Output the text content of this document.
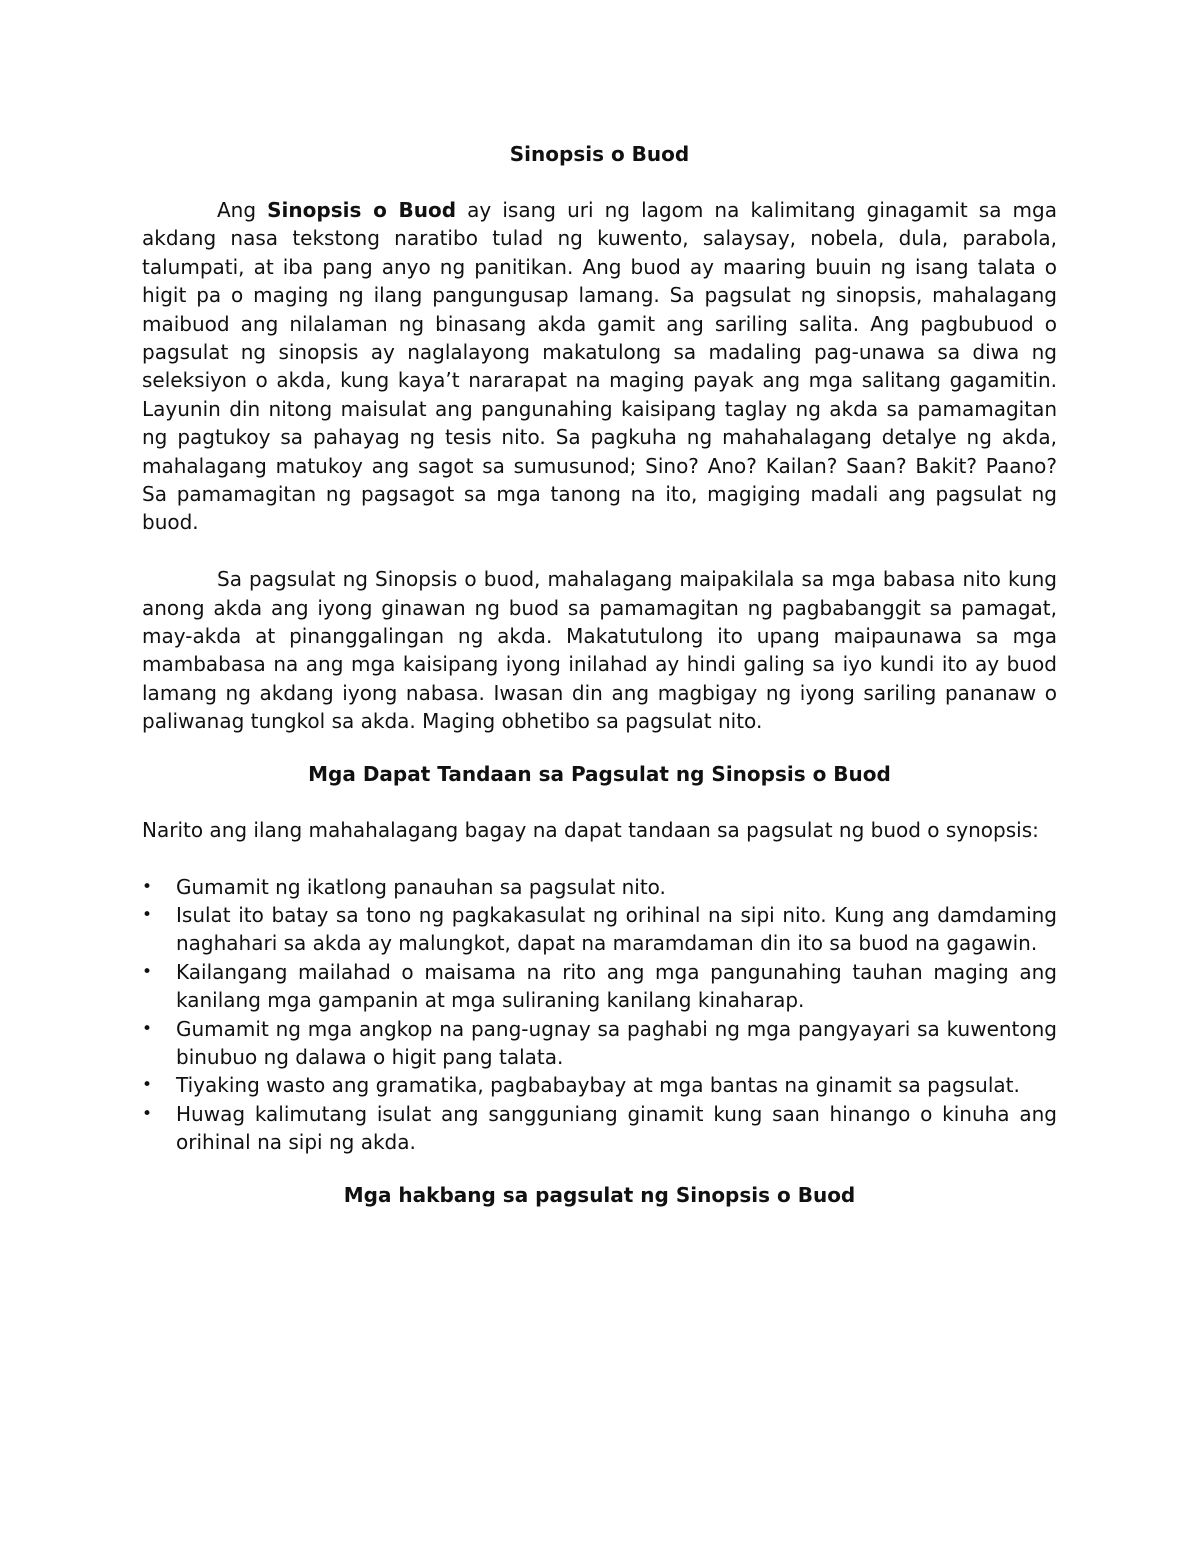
Sinopsis o Buod

Ang Sinopsis o Buod ay isang uri ng lagom na kalimitang ginagamit sa mga akdang nasa tekstong naratibo tulad ng kuwento, salaysay, nobela, dula, parabola, talumpati, at iba pang anyo ng panitikan. Ang buod ay maaring buuin ng isang talata o higit pa o maging ng ilang pangungusap lamang. Sa pagsulat ng sinopsis, mahalagang maibuod ang nilalaman ng binasang akda gamit ang sariling salita. Ang pagbubuod o pagsulat ng sinopsis ay naglalayong makatulong sa madaling pag-unawa sa diwa ng seleksiyon o akda, kung kaya’t nararapat na maging payak ang mga salitang gagamitin. Layunin din nitong maisulat ang pangunahing kaisipang taglay ng akda sa pamamagitan ng pagtukoy sa pahayag ng tesis nito. Sa pagkuha ng mahahalagang detalye ng akda, mahalagang matukoy ang sagot sa sumusunod; Sino? Ano? Kailan? Saan? Bakit? Paano? Sa pamamagitan ng pagsagot sa mga tanong na ito, magiging madali ang pagsulat ng buod.

Sa pagsulat ng Sinopsis o buod, mahalagang maipakilala sa mga babasa nito kung anong akda ang iyong ginawan ng buod sa pamamagitan ng pagbabanggit sa pamagat, may-akda at pinanggalingan ng akda. Makatutulong ito upang maipaunawa sa mga mambabasa na ang mga kaisipang iyong inilahad ay hindi galing sa iyo kundi ito ay buod lamang ng akdang iyong nabasa. Iwasan din ang magbigay ng iyong sariling pananaw o paliwanag tungkol sa akda. Maging obhetibo sa pagsulat nito.

Mga Dapat Tandaan sa Pagsulat ng Sinopsis o Buod

Narito ang ilang mahahalagang bagay na dapat tandaan sa pagsulat ng buod o synopsis:

• Gumamit ng ikatlong panauhan sa pagsulat nito.
• Isulat ito batay sa tono ng pagkakasulat ng orihinal na sipi nito. Kung ang damdaming naghahari sa akda ay malungkot, dapat na maramdaman din ito sa buod na gagawin.
• Kailangang mailahad o maisama na rito ang mga pangunahing tauhan maging ang kanilang mga gampanin at mga suliraning kanilang kinaharap.
• Gumamit ng mga angkop na pang-ugnay sa paghabi ng mga pangyayari sa kuwentong binubuo ng dalawa o higit pang talata.
• Tiyaking wasto ang gramatika, pagbabaybay at mga bantas na ginamit sa pagsulat.
• Huwag kalimutang isulat ang sangguniang ginamit kung saan hinango o kinuha ang orihinal na sipi ng akda.
Mga hakbang sa pagsulat ng Sinopsis o Buod
